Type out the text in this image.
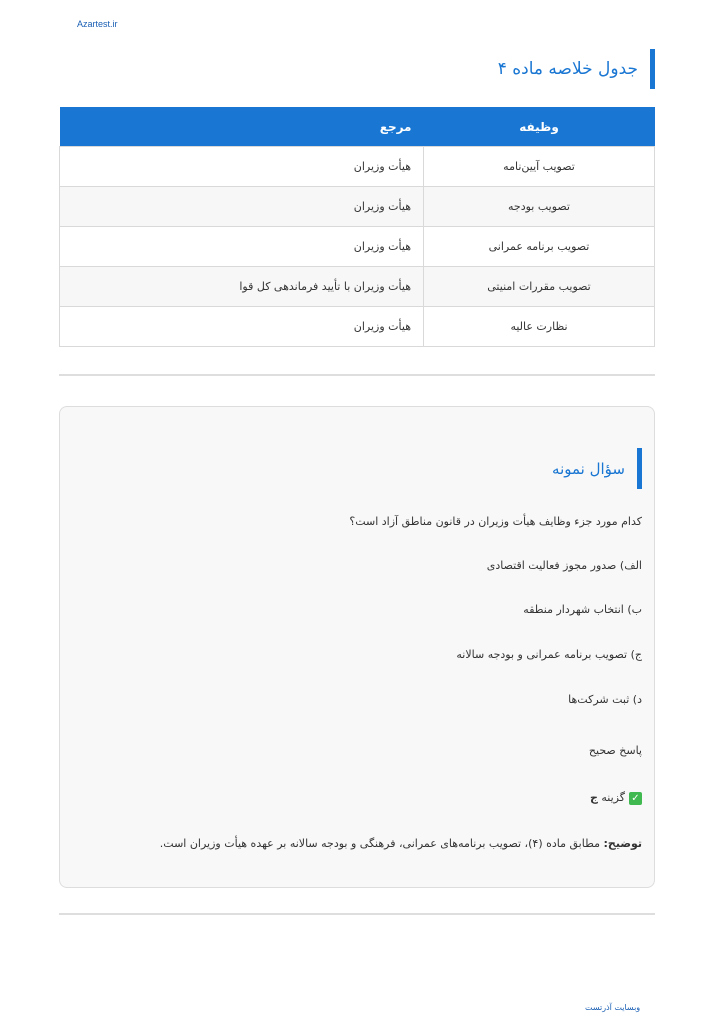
Azartest.ir
جدول خلاصه ماده ۴
وظیفه	مرجع
تصویب آیین‌نامه	هیأت وزیران
تصویب بودجه	هیأت وزیران
تصویب برنامه عمرانی	هیأت وزیران
تصویب مقررات امنیتی	هیأت وزیران با تأیید فرماندهی کل قوا
نظارت عالیه	هیأت وزیران
سؤال نمونه
کدام مورد جزء وظایف هیأت وزیران در قانون مناطق آزاد است؟
الف) صدور مجوز فعالیت اقتصادی
ب) انتخاب شهردار منطقه
ج) تصویب برنامه عمرانی و بودجه سالانه
د) ثبت شرکت‌ها
پاسخ صحیح
✓گزینه ج
توضیح: مطابق ماده (۴)، تصویب برنامه‌های عمرانی، فرهنگی و بودجه سالانه بر عهده هیأت وزیران است.
وبسایت آذرتست
